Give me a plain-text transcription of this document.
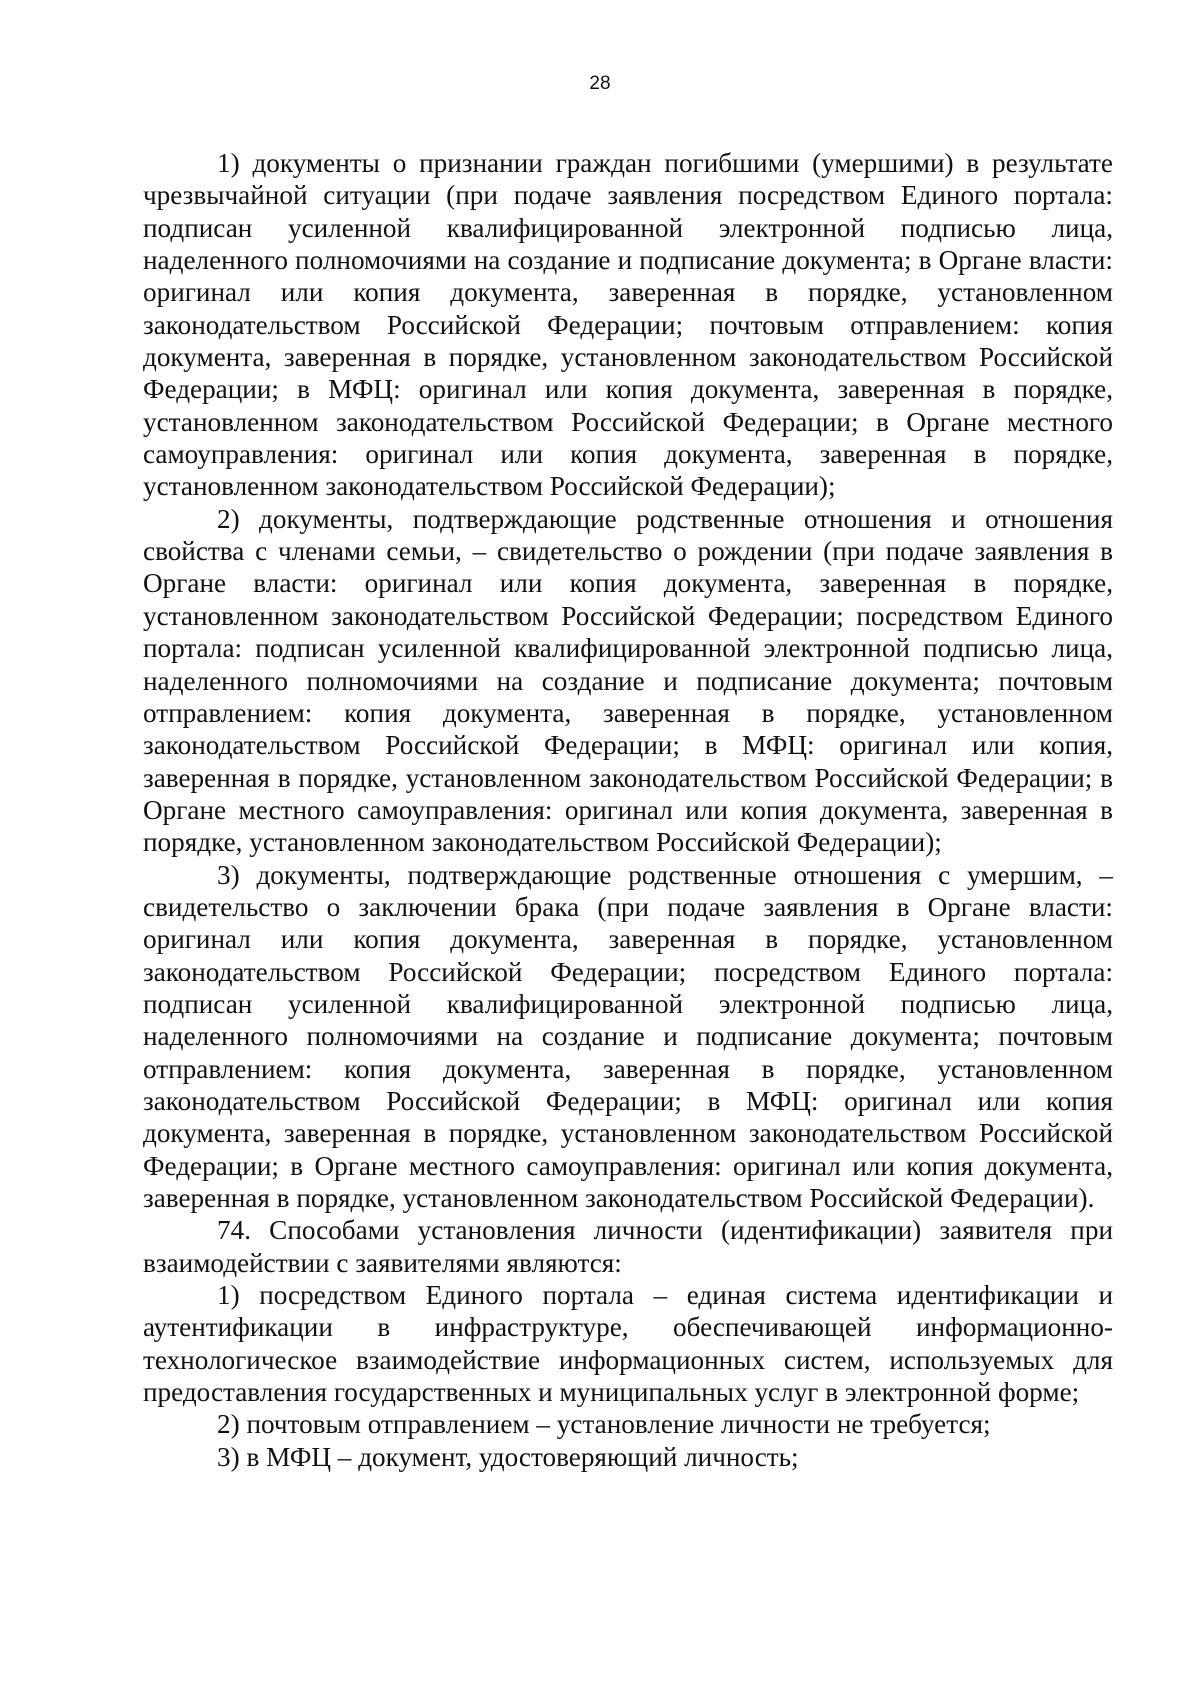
28

1) документы о признании граждан погибшими (умершими) в результате чрезвычайной ситуации (при подаче заявления посредством Единого портала: подписан усиленной квалифицированной электронной подписью лица, наделенного полномочиями на создание и подписание документа; в Органе власти: оригинал или копия документа, заверенная в порядке, установленном законодательством Российской Федерации; почтовым отправлением: копия документа, заверенная в порядке, установленном законодательством Российской Федерации; в МФЦ: оригинал или копия документа, заверенная в порядке, установленном законодательством Российской Федерации; в Органе местного самоуправления: оригинал или копия документа, заверенная в порядке, установленном законодательством Российской Федерации);

2) документы, подтверждающие родственные отношения и отношения свойства с членами семьи, – свидетельство о рождении (при подаче заявления в Органе власти: оригинал или копия документа, заверенная в порядке, установленном законодательством Российской Федерации; посредством Единого портала: подписан усиленной квалифицированной электронной подписью лица, наделенного полномочиями на создание и подписание документа; почтовым отправлением: копия документа, заверенная в порядке, установленном законодательством Российской Федерации; в МФЦ: оригинал или копия, заверенная в порядке, установленном законодательством Российской Федерации; в Органе местного самоуправления: оригинал или копия документа, заверенная в порядке, установленном законодательством Российской Федерации);

3) документы, подтверждающие родственные отношения с умершим, – свидетельство о заключении брака (при подаче заявления в Органе власти: оригинал или копия документа, заверенная в порядке, установленном законодательством Российской Федерации; посредством Единого портала: подписан усиленной квалифицированной электронной подписью лица, наделенного полномочиями на создание и подписание документа; почтовым отправлением: копия документа, заверенная в порядке, установленном законодательством Российской Федерации; в МФЦ: оригинал или копия документа, заверенная в порядке, установленном законодательством Российской Федерации; в Органе местного самоуправления: оригинал или копия документа, заверенная в порядке, установленном законодательством Российской Федерации).

74. Способами установления личности (идентификации) заявителя при взаимодействии с заявителями являются:

1) посредством Единого портала – единая система идентификации и аутентификации в инфраструктуре, обеспечивающей информационно-технологическое взаимодействие информационных систем, используемых для предоставления государственных и муниципальных услуг в электронной форме;

2) почтовым отправлением – установление личности не требуется;

3) в МФЦ – документ, удостоверяющий личность;
